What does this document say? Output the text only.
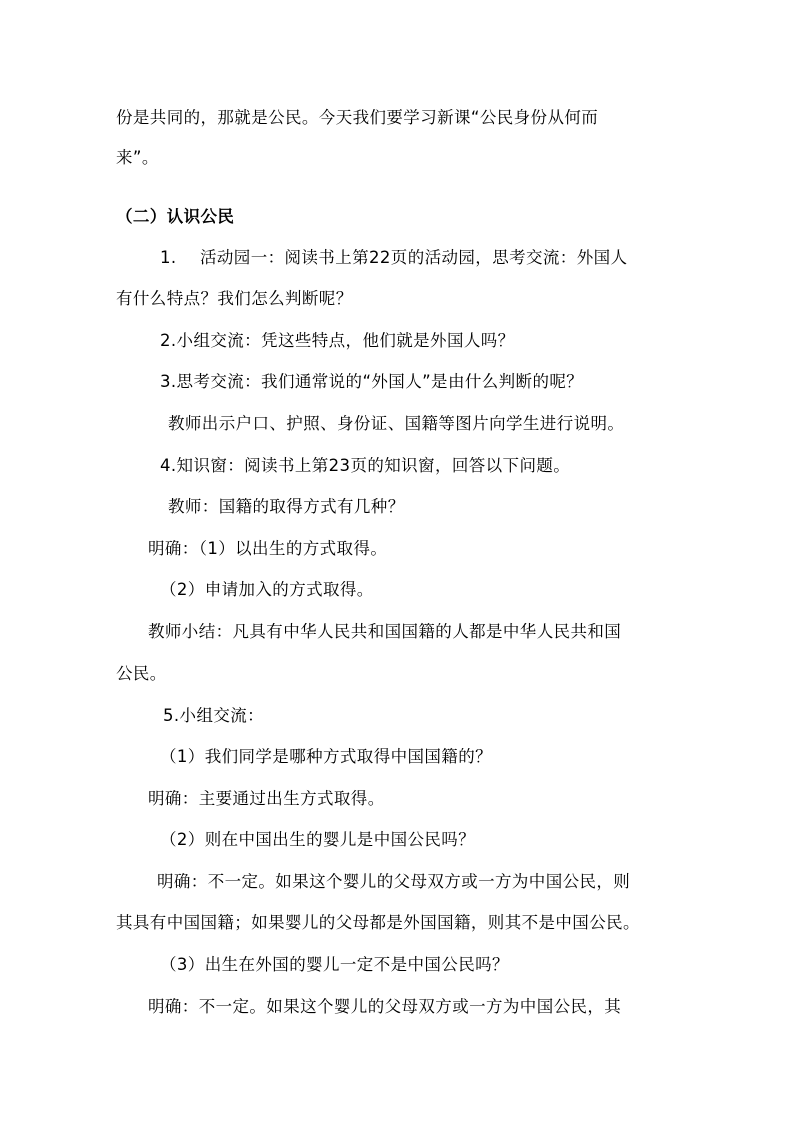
份是共同的，那就是公民。今天我们要学习新课“公民身份从何而
来”。
（二）认识公民
1. 活动园一：阅读书上第22页的活动园，思考交流：外国人
有什么特点？我们怎么判断呢？
2.小组交流：凭这些特点，他们就是外国人吗？
3.思考交流：我们通常说的“外国人”是由什么判断的呢？
教师出示户口、护照、身份证、国籍等图片向学生进行说明。
4.知识窗：阅读书上第23页的知识窗，回答以下问题。
教师：国籍的取得方式有几种？
明确：（1）以出生的方式取得。
（2）申请加入的方式取得。
教师小结：凡具有中华人民共和国国籍的人都是中华人民共和国
公民。
5.小组交流：
（1）我们同学是哪种方式取得中国国籍的？
明确：主要通过出生方式取得。
（2）则在中国出生的婴儿是中国公民吗？
明确：不一定。如果这个婴儿的父母双方或一方为中国公民，则
其具有中国国籍；如果婴儿的父母都是外国国籍，则其不是中国公民。
（3）出生在外国的婴儿一定不是中国公民吗？
明确：不一定。如果这个婴儿的父母双方或一方为中国公民，其
